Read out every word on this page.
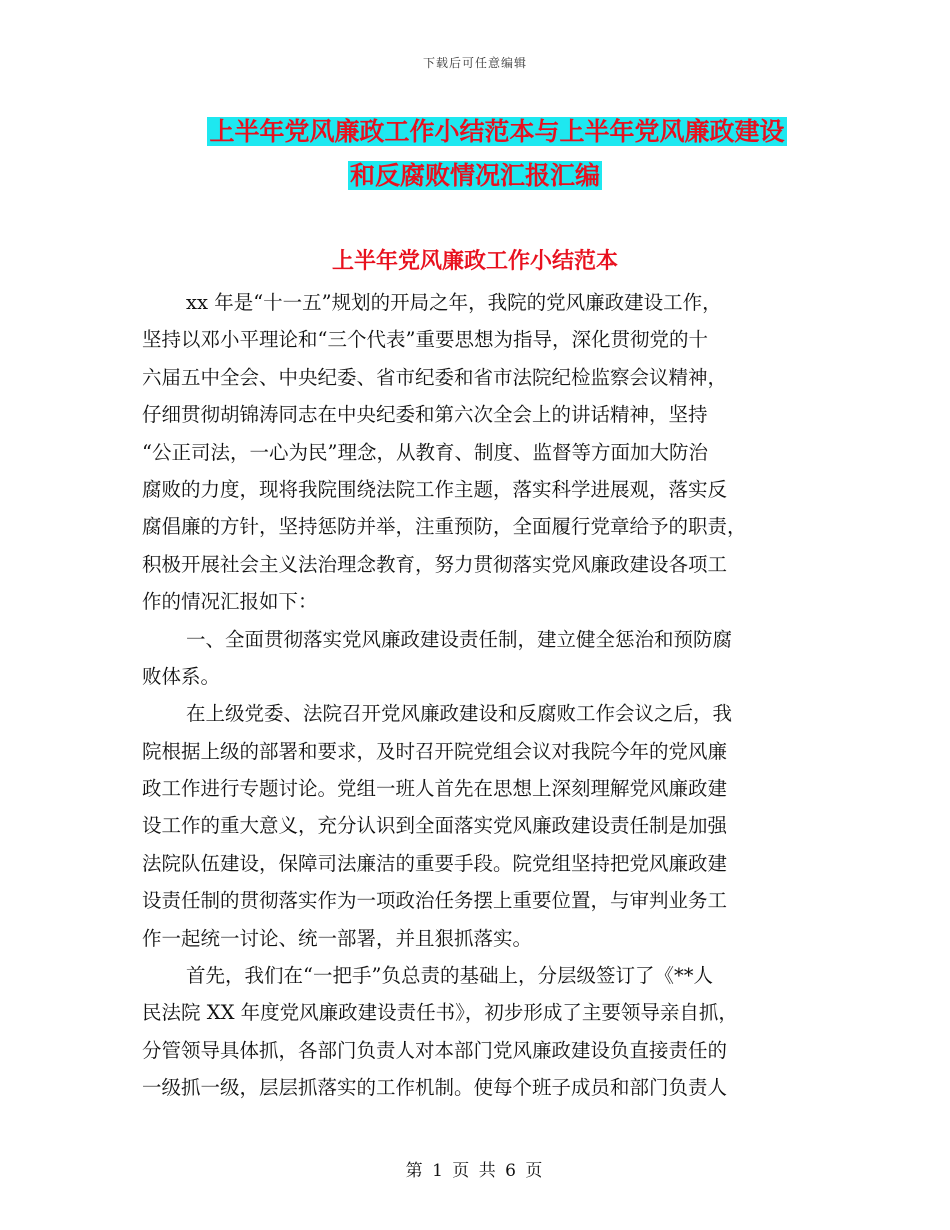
下载后可任意编辑
上半年党风廉政工作小结范本与上半年党风廉政建设
和反腐败情况汇报汇编
上半年党风廉政工作小结范本
xx 年是“十一五”规划的开局之年，我院的党风廉政建设工作，
坚持以邓小平理论和“三个代表”重要思想为指导，深化贯彻党的十
六届五中全会、中央纪委、省市纪委和省市法院纪检监察会议精神，
仔细贯彻胡锦涛同志在中央纪委和第六次全会上的讲话精神，坚持
“公正司法，一心为民”理念，从教育、制度、监督等方面加大防治
腐败的力度，现将我院围绕法院工作主题，落实科学进展观，落实反
腐倡廉的方针，坚持惩防并举，注重预防，全面履行党章给予的职责，
积极开展社会主义法治理念教育，努力贯彻落实党风廉政建设各项工
作的情况汇报如下：
一、全面贯彻落实党风廉政建设责任制，建立健全惩治和预防腐
败体系。
在上级党委、法院召开党风廉政建设和反腐败工作会议之后，我
院根据上级的部署和要求，及时召开院党组会议对我院今年的党风廉
政工作进行专题讨论。党组一班人首先在思想上深刻理解党风廉政建
设工作的重大意义，充分认识到全面落实党风廉政建设责任制是加强
法院队伍建设，保障司法廉洁的重要手段。院党组坚持把党风廉政建
设责任制的贯彻落实作为一项政治任务摆上重要位置，与审判业务工
作一起统一讨论、统一部署，并且狠抓落实。
首先，我们在“一把手”负总责的基础上，分层级签订了《**人
民法院 XX 年度党风廉政建设责任书》，初步形成了主要领导亲自抓，
分管领导具体抓，各部门负责人对本部门党风廉政建设负直接责任的
一级抓一级，层层抓落实的工作机制。使每个班子成员和部门负责人
第 1 页 共 6 页
